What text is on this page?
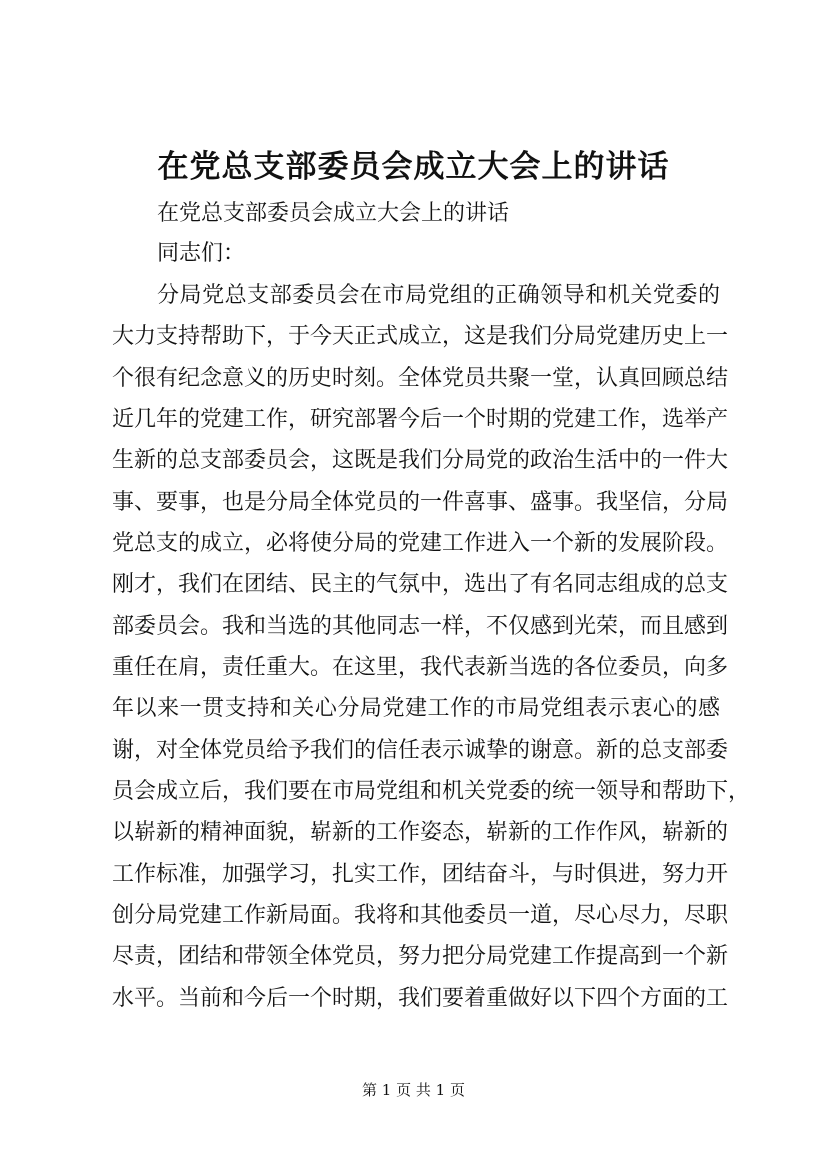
在党总支部委员会成立大会上的讲话
在党总支部委员会成立大会上的讲话
同志们：
分局党总支部委员会在市局党组的正确领导和机关党委的
大力支持帮助下，于今天正式成立，这是我们分局党建历史上一
个很有纪念意义的历史时刻。全体党员共聚一堂，认真回顾总结
近几年的党建工作，研究部署今后一个时期的党建工作，选举产
生新的总支部委员会，这既是我们分局党的政治生活中的一件大
事、要事，也是分局全体党员的一件喜事、盛事。我坚信，分局
党总支的成立，必将使分局的党建工作进入一个新的发展阶段。
刚才，我们在团结、民主的气氛中，选出了有名同志组成的总支
部委员会。我和当选的其他同志一样，不仅感到光荣，而且感到
重任在肩，责任重大。在这里，我代表新当选的各位委员，向多
年以来一贯支持和关心分局党建工作的市局党组表示衷心的感
谢，对全体党员给予我们的信任表示诚挚的谢意。新的总支部委
员会成立后，我们要在市局党组和机关党委的统一领导和帮助下，
以崭新的精神面貌，崭新的工作姿态，崭新的工作作风，崭新的
工作标准，加强学习，扎实工作，团结奋斗，与时俱进，努力开
创分局党建工作新局面。我将和其他委员一道，尽心尽力，尽职
尽责，团结和带领全体党员，努力把分局党建工作提高到一个新
水平。当前和今后一个时期，我们要着重做好以下四个方面的工
第 1 页 共 1 页
